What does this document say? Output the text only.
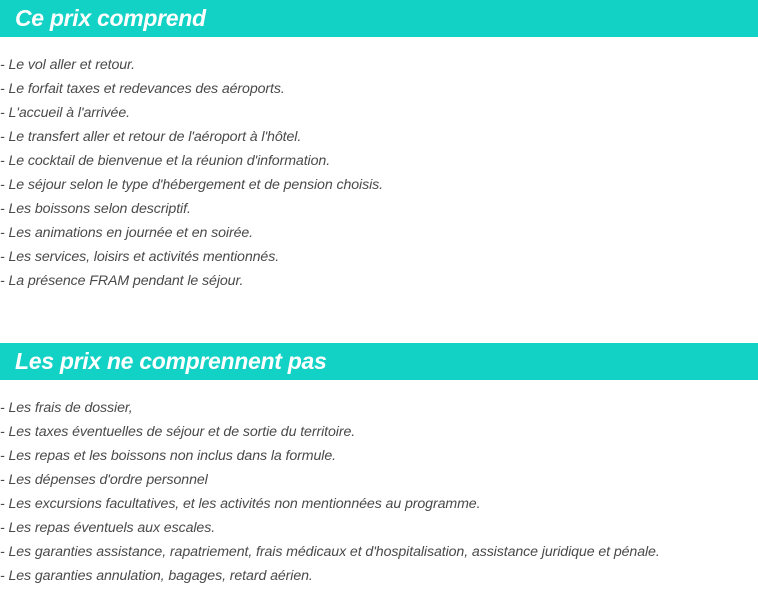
Ce prix comprend
- Le vol aller et retour.
- Le forfait taxes et redevances des aéroports.
- L'accueil à l'arrivée.
- Le transfert aller et retour de l'aéroport à l'hôtel.
- Le cocktail de bienvenue et la réunion d'information.
- Le séjour selon le type d'hébergement et de pension choisis.
- Les boissons selon descriptif.
- Les animations en journée et en soirée.
- Les services, loisirs et activités mentionnés.
- La présence FRAM pendant le séjour.
Les prix ne comprennent pas
- Les frais de dossier,
- Les taxes éventuelles de séjour et de sortie du territoire.
- Les repas et les boissons non inclus dans la formule.
- Les dépenses d'ordre personnel
- Les excursions facultatives, et les activités non mentionnées au programme.
- Les repas éventuels aux escales.
- Les garanties assistance, rapatriement, frais médicaux et d'hospitalisation, assistance juridique et pénale.
- Les garanties annulation, bagages, retard aérien.
